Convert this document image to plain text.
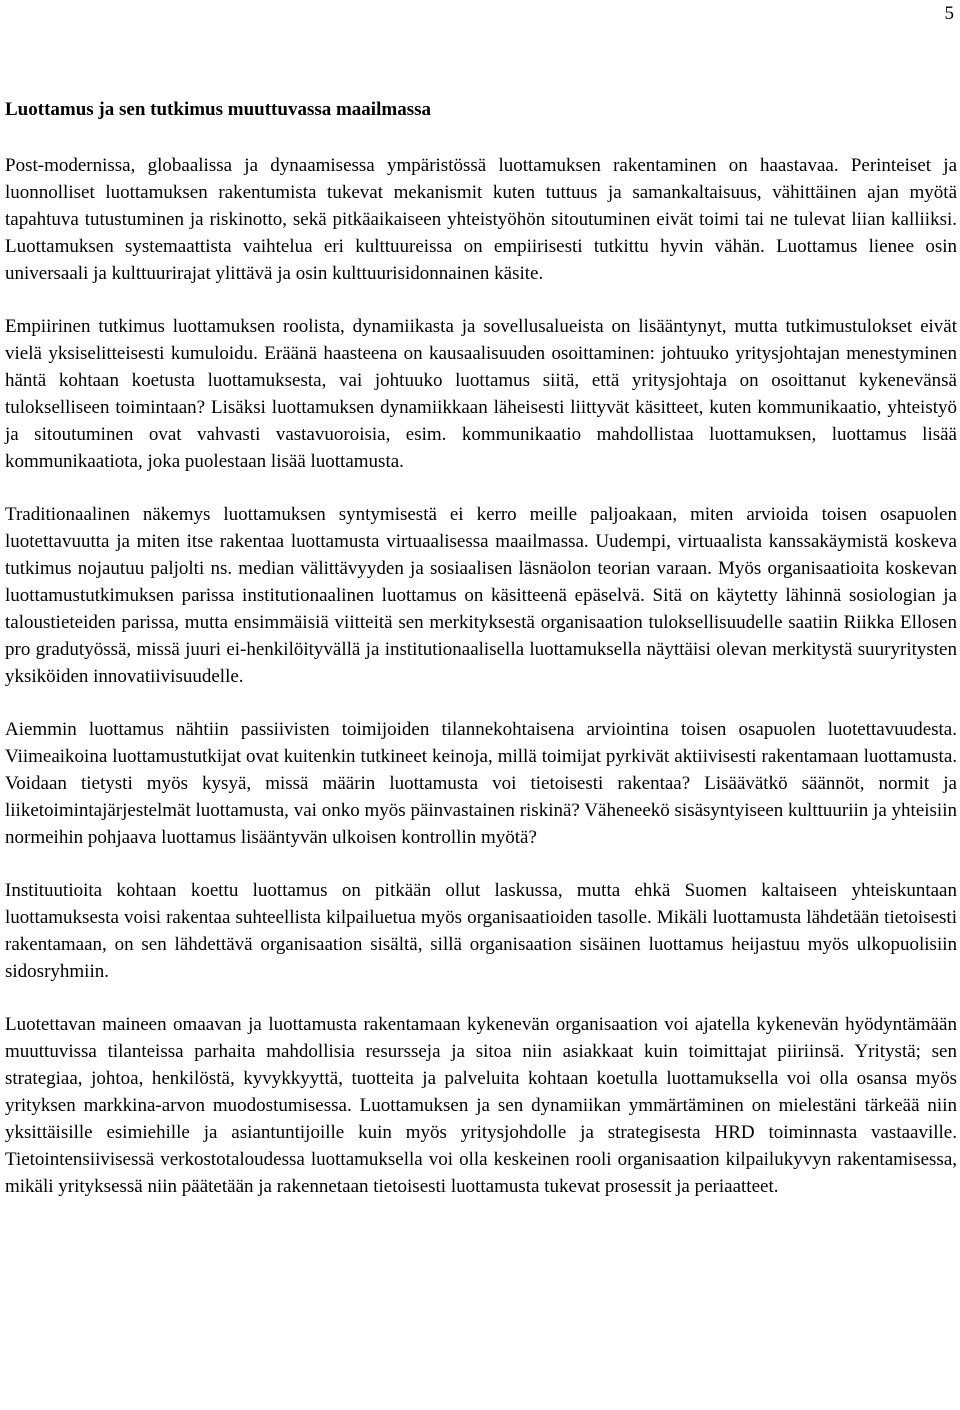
5
Luottamus ja sen tutkimus muuttuvassa maailmassa

Post-modernissa, globaalissa ja dynaamisessa ympäristössä luottamuksen rakentaminen on haastavaa. Perinteiset ja luonnolliset luottamuksen rakentumista tukevat mekanismit kuten tuttuus ja samankaltaisuus, vähittäinen ajan myötä tapahtuva tutustuminen ja riskinotto, sekä pitkäaikaiseen yhteistyöhön sitoutuminen eivät toimi tai ne tulevat liian kalliiksi. Luottamuksen systemaattista vaihtelua eri kulttuureissa on empiirisesti tutkittu hyvin vähän. Luottamus lienee osin universaali ja kulttuurirajat ylittävä ja osin kulttuurisidonnainen käsite.

Empiirinen tutkimus luottamuksen roolista, dynamiikasta ja sovellusalueista on lisääntynyt, mutta tutkimustulokset eivät vielä yksiselitteisesti kumuloidu. Eräänä haasteena on kausaalisuuden osoittaminen: johtuuko yritysjohtajan menestyminen häntä kohtaan koetusta luottamuksesta, vai johtuuko luottamus siitä, että yritysjohtaja on osoittanut kykenevänsä tulokselliseen toimintaan? Lisäksi luottamuksen dynamiikkaan läheisesti liittyvät käsitteet, kuten kommunikaatio, yhteistyö ja sitoutuminen ovat vahvasti vastavuoroisia, esim. kommunikaatio mahdollistaa luottamuksen, luottamus lisää kommunikaatiota, joka puolestaan lisää luottamusta.

Traditionaalinen näkemys luottamuksen syntymisestä ei kerro meille paljoakaan, miten arvioida toisen osapuolen luotettavuutta ja miten itse rakentaa luottamusta virtuaalisessa maailmassa. Uudempi, virtuaalista kanssakäymistä koskeva tutkimus nojautuu paljolti ns. median välittävyyden ja sosiaalisen läsnäolon teorian varaan. Myös organisaatioita koskevan luottamustutkimuksen parissa institutionaalinen luottamus on käsitteenä epäselvä. Sitä on käytetty lähinnä sosiologian ja taloustieteiden parissa, mutta ensimmäisiä viitteitä sen merkityksestä organisaation tuloksellisuudelle saatiin Riikka Ellosen pro gradutyössä, missä juuri ei-henkilöityvällä ja institutionaalisella luottamuksella näyttäisi olevan merkitystä suuryritysten yksiköiden innovatiivisuudelle.

Aiemmin luottamus nähtiin passiivisten toimijoiden tilannekohtaisena arviointina toisen osapuolen luotettavuudesta. Viimeaikoina luottamustutkijat ovat kuitenkin tutkineet keinoja, millä toimijat pyrkivät aktiivisesti rakentamaan luottamusta. Voidaan tietysti myös kysyä, missä määrin luottamusta voi tietoisesti rakentaa? Lisäävätkö säännöt, normit ja liiketoimintajärjestelmät luottamusta, vai onko myös päinvastainen riskinä? Väheneekö sisäsyntyiseen kulttuuriin ja yhteisiin normeihin pohjaava luottamus lisääntyvän ulkoisen kontrollin myötä?

Instituutioita kohtaan koettu luottamus on pitkään ollut laskussa, mutta ehkä Suomen kaltaiseen yhteiskuntaan luottamuksesta voisi rakentaa suhteellista kilpailuetua myös organisaatioiden tasolle. Mikäli luottamusta lähdetään tietoisesti rakentamaan, on sen lähdettävä organisaation sisältä, sillä organisaation sisäinen luottamus heijastuu myös ulkopuolisiin sidosryhmiin.

Luotettavan maineen omaavan ja luottamusta rakentamaan kykenevän organisaation voi ajatella kykenevän hyödyntämään muuttuvissa tilanteissa parhaita mahdollisia resursseja ja sitoa niin asiakkaat kuin toimittajat piiriinsä. Yritystä; sen strategiaa, johtoa, henkilöstä, kyvykkyyttä, tuotteita ja palveluita kohtaan koetulla luottamuksella voi olla osansa myös yrityksen markkina-arvon muodostumisessa. Luottamuksen ja sen dynamiikan ymmärtäminen on mielestäni tärkeää niin yksittäisille esimiehille ja asiantuntijoille kuin myös yritysjohdolle ja strategisesta HRD toiminnasta vastaaville. Tietointensiivisessä verkostotaloudessa luottamuksella voi olla keskeinen rooli organisaation kilpailukyvyn rakentamisessa, mikäli yrityksessä niin päätetään ja rakennetaan tietoisesti luottamusta tukevat prosessit ja periaatteet.
